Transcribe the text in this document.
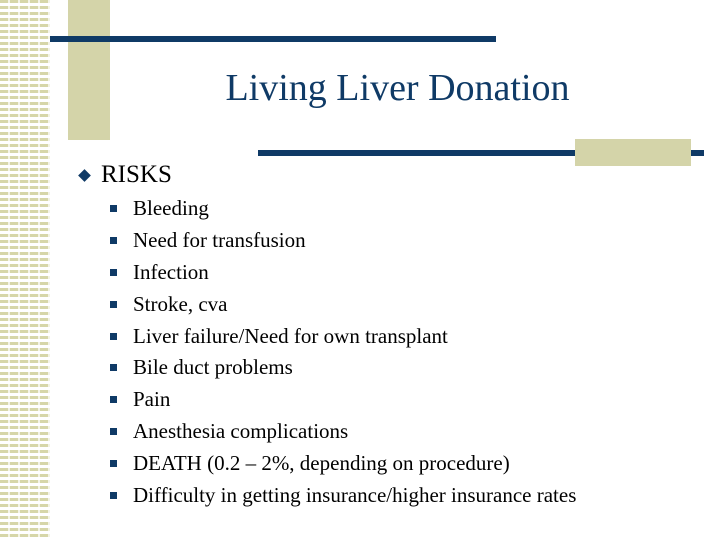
Living Liver Donation
RISKS
Bleeding
Need for transfusion
Infection
Stroke, cva
Liver failure/Need for own transplant
Bile duct problems
Pain
Anesthesia complications
DEATH (0.2 – 2%, depending on procedure)
Difficulty in getting insurance/higher insurance rates
